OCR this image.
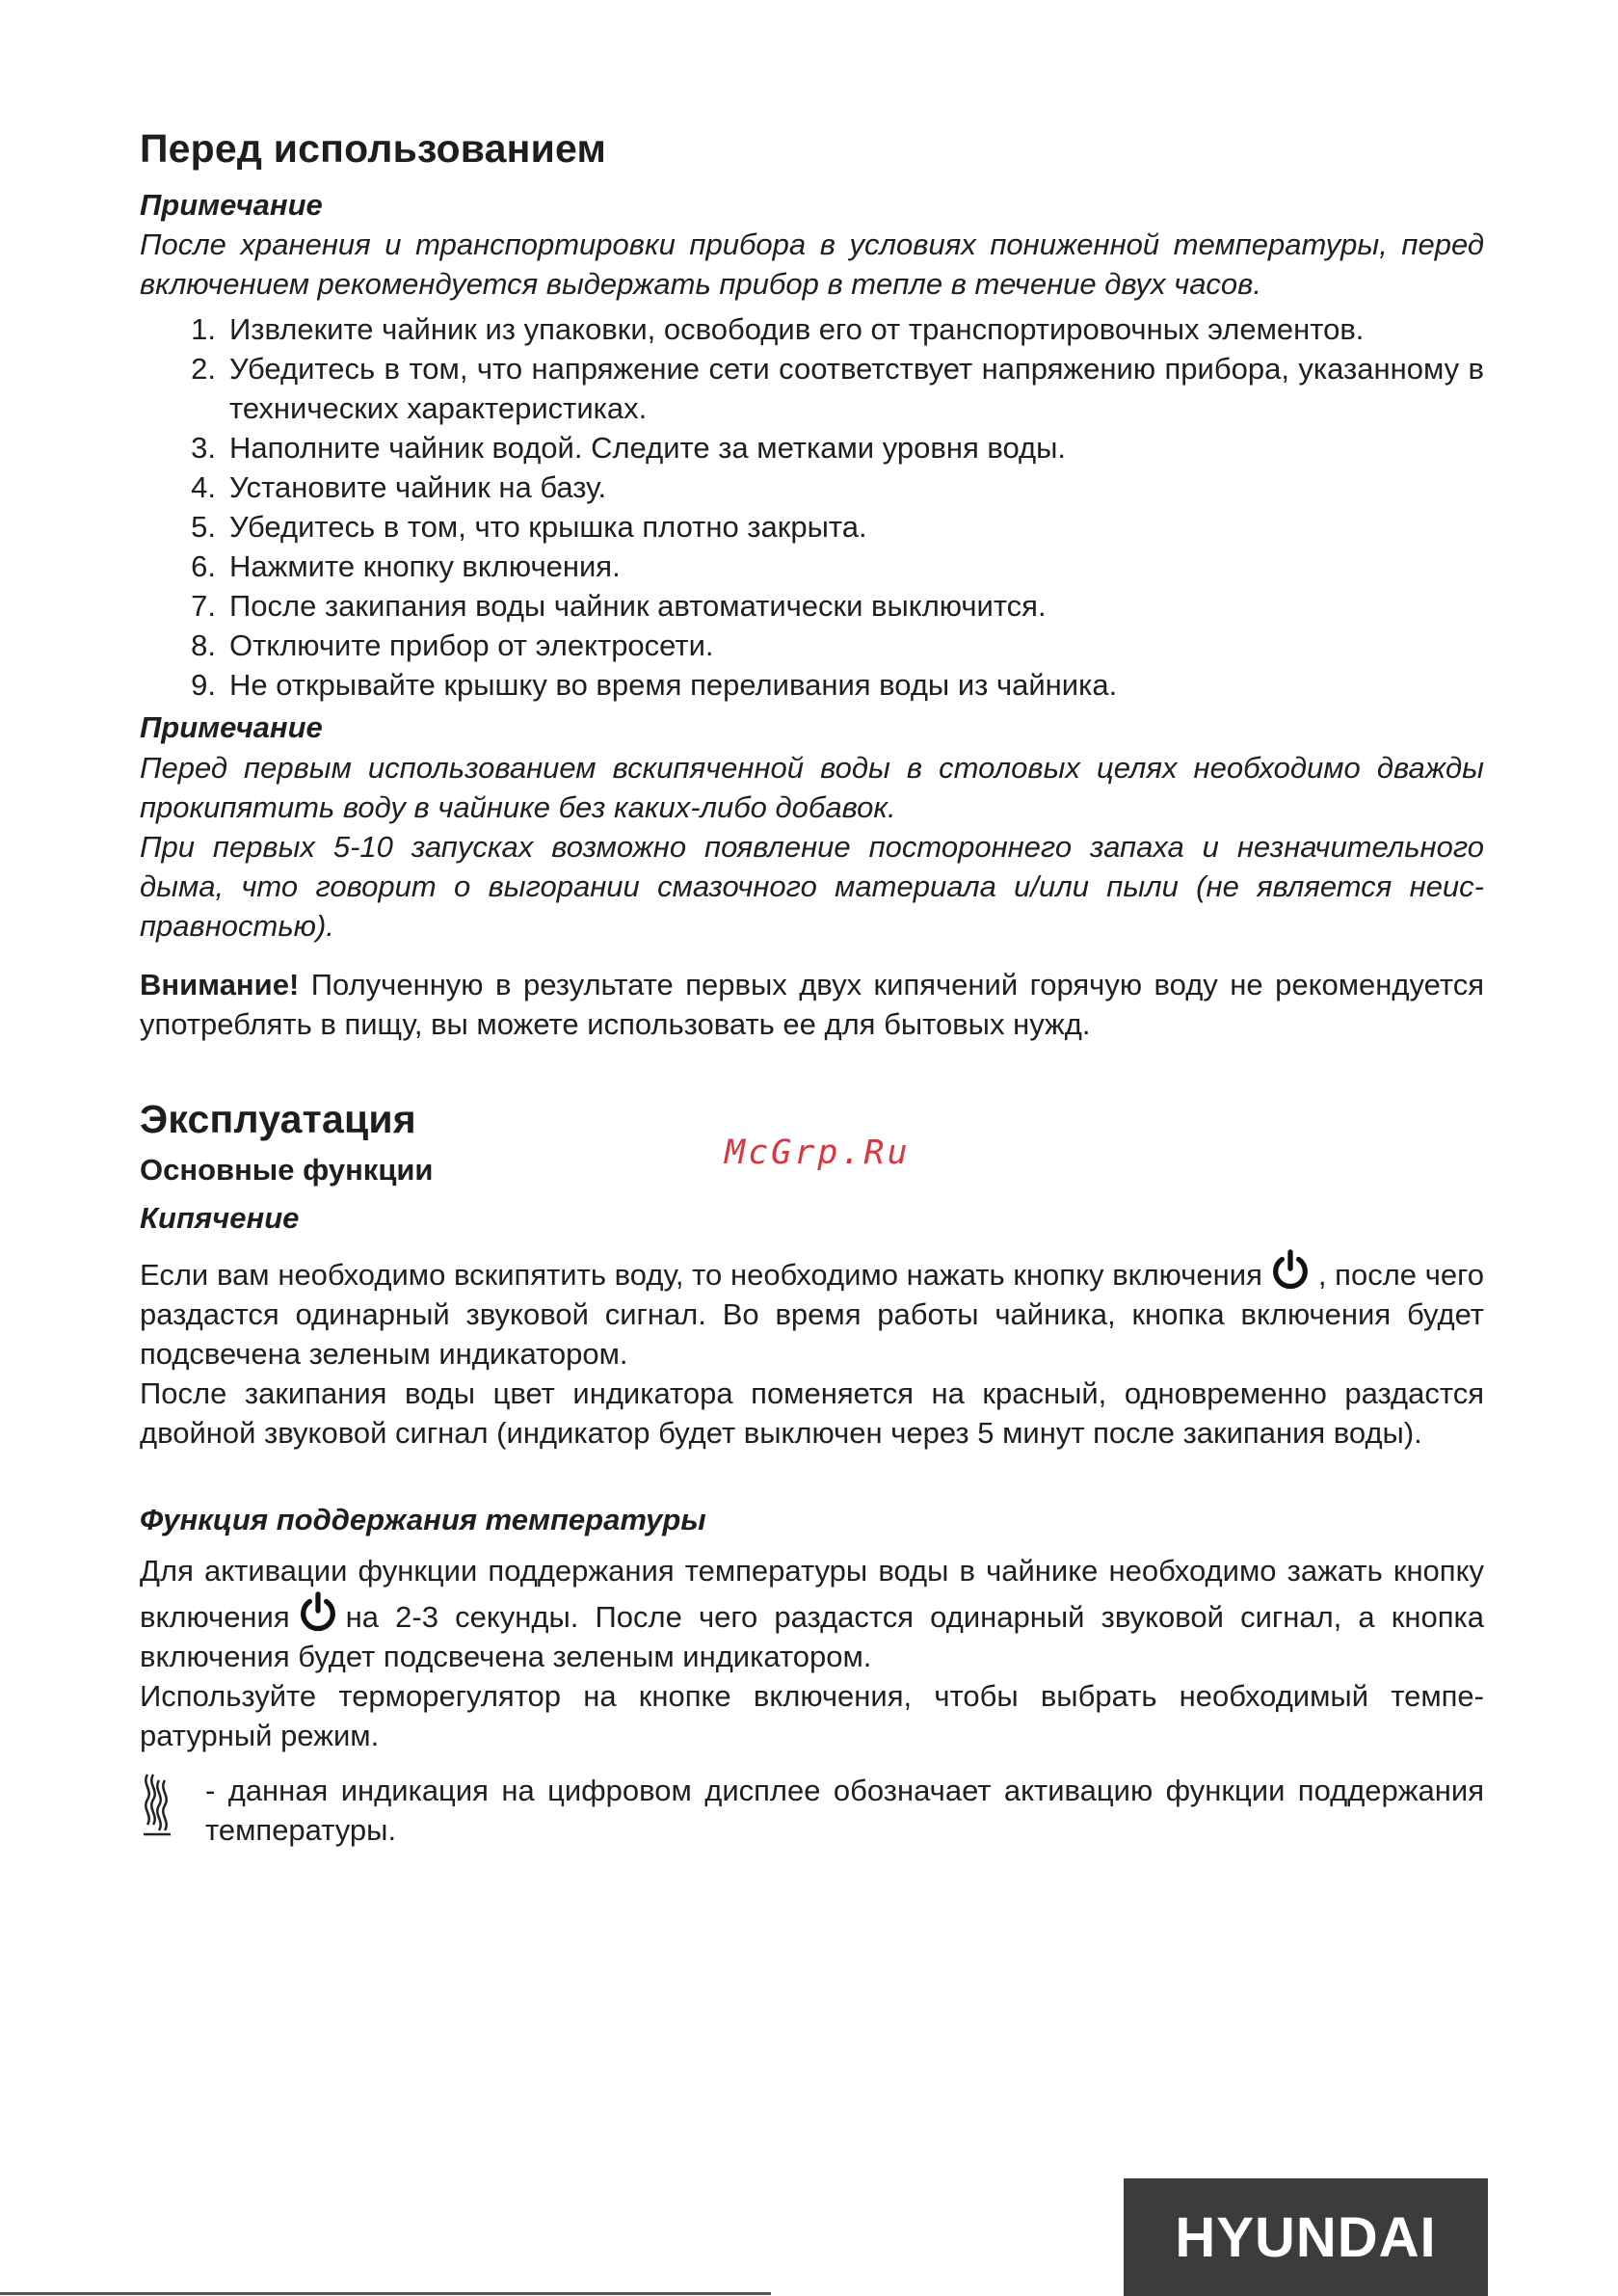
Перед использованием
Примечание

После хранения и транспортировки прибора в условиях пониженной температуры, перед включением рекомендуется выдержать прибор в тепле в течение двух часов.

1. Извлеките чайник из упаковки, освободив его от транспортировочных элементов.
2. Убедитесь в том, что напряжение сети соответствует напряжению прибора, указанному в технических характеристиках.
3. Наполните чайник водой. Следите за метками уровня воды.
4. Установите чайник на базу.
5. Убедитесь в том, что крышка плотно закрыта.
6. Нажмите кнопку включения.
7. После закипания воды чайник автоматически выключится.
8. Отключите прибор от электросети.
9. Не открывайте крышку во время переливания воды из чайника.
Примечание

Перед первым использованием вскипяченной воды в столовых целях необходимо дважды прокипятить воду в чайнике без каких-либо добавок.

При первых 5-10 запусках возможно появление постороннего запаха и незначительного дыма, что говорит о выгорании смазочного материала и/или пыли (не является неисправностью).

Внимание! Полученную в результате первых двух кипячений горячую воду не рекомендуется употреблять в пищу, вы можете использовать ее для бытовых нужд.

Эксплуатация
Основные функции
Кипячение

Если вам необходимо вскипятить воду, то необходимо нажать кнопку включения , после чего раздастся одинарный звуковой сигнал. Во время работы чайника, кнопка включения будет подсвечена зеленым индикатором.

После закипания воды цвет индикатора поменяется на красный, одновременно раздастся двойной звуковой сигнал (индикатор будет выключен через 5 минут после закипания воды).

Функция поддержания температуры

Для активации функции поддержания температуры воды в чайнике необходимо зажать кнопку включения на 2-3 секунды. После чего раздастся одинарный звуковой сигнал, а кнопка включения будет подсвечена зеленым индикатором.

Используйте терморегулятор на кнопке включения, чтобы выбрать необходимый температурный режим.

- данная индикация на цифровом дисплее обозначает активацию функции поддержания температуры.
McGrp.Ru
HYUNDAI
